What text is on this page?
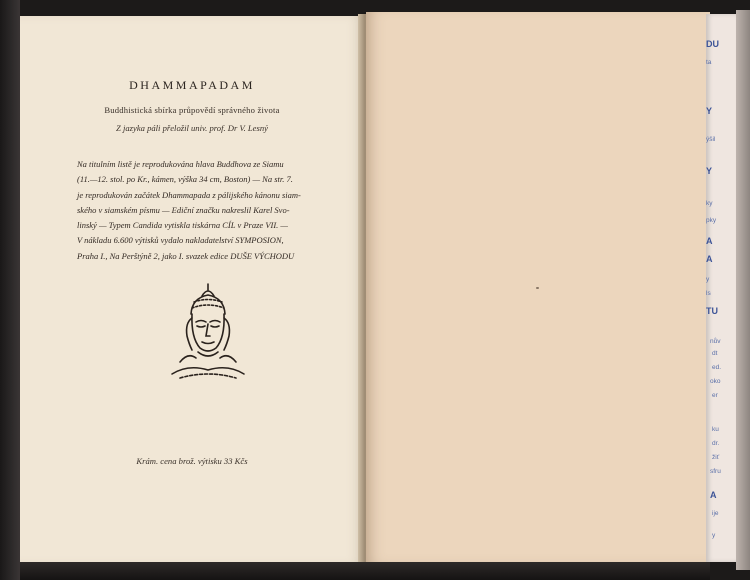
DHAMMAPADAM
Buddhistická sbírka průpovědí správného života
Z jazyka páli přeložil univ. prof. Dr V. Lesný
Na titulním listě je reprodukována hlava Buddhova ze Siamu
(11.—12. stol. po Kr., kámen, výška 34 cm, Boston) — Na str. 7.
je reprodukován začátek Dhammapada z pálijského kánonu siam-
ského v siamském písmu — Ediční značku nakreslil Karel Svo-
linský — Typem Candida vytiskla tiskárna CÍL v Praze VII. —
V nákladu 6.600 výtisků vydalo nakladatelství SYMPOSION,
Praha I., Na Perštýně 2, jako I. svazek edice DUŠE VÝCHODU
Krám. cena brož. výtisku 33 Kčs
DU
ta
Y
ýšil
Y
ky
pky
A
A
y
ls
TU
nův
dt
ed.
oko
er
ku
dr.
žiť
sfru
A
ije
y
